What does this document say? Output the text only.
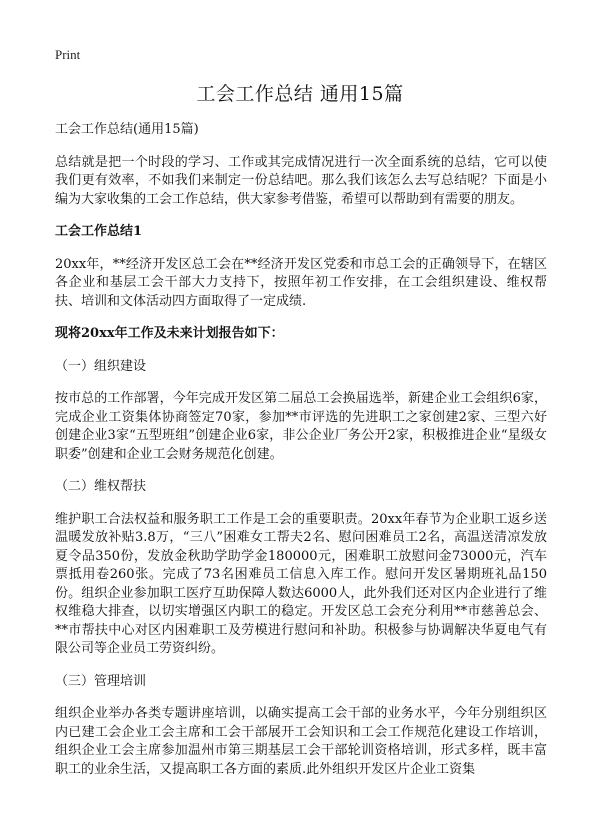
Print
工会工作总结 通用15篇

工会工作总结(通用15篇)

总结就是把一个时段的学习、工作或其完成情况进行一次全面系统的总结，它可以使我们更有效率，不如我们来制定一份总结吧。那么我们该怎么去写总结呢？下面是小编为大家收集的工会工作总结，供大家参考借鉴，希望可以帮助到有需要的朋友。

工会工作总结1

20xx年，**经济开发区总工会在**经济开发区党委和市总工会的正确领导下，在辖区各企业和基层工会干部大力支持下，按照年初工作安排，在工会组织建设、维权帮扶、培训和文体活动四方面取得了一定成绩.

现将20xx年工作及未来计划报告如下：

（一）组织建设

按市总的工作部署，今年完成开发区第二届总工会换届选举，新建企业工会组织6家，完成企业工资集体协商签定70家，参加**市评选的先进职工之家创建2家、三型六好创建企业3家“五型班组”创建企业6家，非公企业厂务公开2家，积极推进企业“星级女职委”创建和企业工会财务规范化创建。

（二）维权帮扶

维护职工合法权益和服务职工工作是工会的重要职责。20xx年春节为企业职工返乡送温暖发放补贴3.8万，“三八”困难女工帮夫2名、慰问困难员工2名，高温送清凉发放夏令品350份，发放金秋助学助学金180000元，困难职工放慰问金73000元，汽车票抵用卷260张。完成了73名困难员工信息入库工作。慰问开发区暑期班礼品150份。组织企业参加职工医疗互助保障人数达6000人，此外我们还对区内企业进行了维权维稳大排查，以切实增强区内职工的稳定。开发区总工会充分利用**市慈善总会、**市帮扶中心对区内困难职工及劳模进行慰问和补助。积极参与协调解决华夏电气有限公司等企业员工劳资纠纷。

（三）管理培训

组织企业举办各类专题讲座培训，以确实提高工会干部的业务水平，今年分别组织区内已建工会企业工会主席和工会干部展开工会知识和工会工作规范化建设工作培训，组织企业工会主席参加温州市第三期基层工会干部轮训资格培训，形式多样，既丰富职工的业余生活，又提高职工各方面的素质.此外组织开发区片企业工资集
